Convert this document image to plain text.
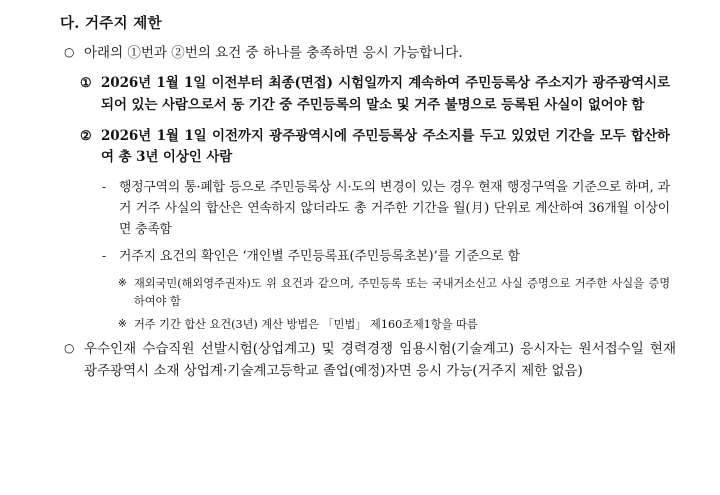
다. 거주지 제한
○ 아래의 ①번과 ②번의 요건 중 하나를 충족하면 응시 가능합니다.
① 2026년 1월 1일 이전부터 최종(면접) 시험일까지 계속하여 주민등록상 주소지가 광주광역시로 되어 있는 사람으로서 동 기간 중 주민등록의 말소 및 거주 불명으로 등록된 사실이 없어야 함
② 2026년 1월 1일 이전까지 광주광역시에 주민등록상 주소지를 두고 있었던 기간을 모두 합산하여 총 3년 이상인 사람
-	행정구역의 통·폐합 등으로 주민등록상 시·도의 변경이 있는 경우 현재 행정구역을 기준으로 하며, 과거 거주 사실의 합산은 연속하지 않더라도 총 거주한 기간을 월(月) 단위로 계산하여 36개월 이상이면 충족함
-	거주지 요건의 확인은 ‘개인별 주민등록표(주민등록초본)’를 기준으로 함
※ 재외국민(해외영주권자)도 위 요건과 같으며, 주민등록 또는 국내거소신고 사실 증명으로 거주한 사실을 증명하여야 함
※ 거주 기간 합산 요건(3년) 계산 방법은 「민법」 제160조제1항을 따름
○ 우수인재 수습직원 선발시험(상업계고) 및 경력경쟁 임용시험(기술계고) 응시자는 원서접수일 현재 광주광역시 소재 상업계·기술계고등학교 졸업(예정)자면 응시 가능(거주지 제한 없음)
